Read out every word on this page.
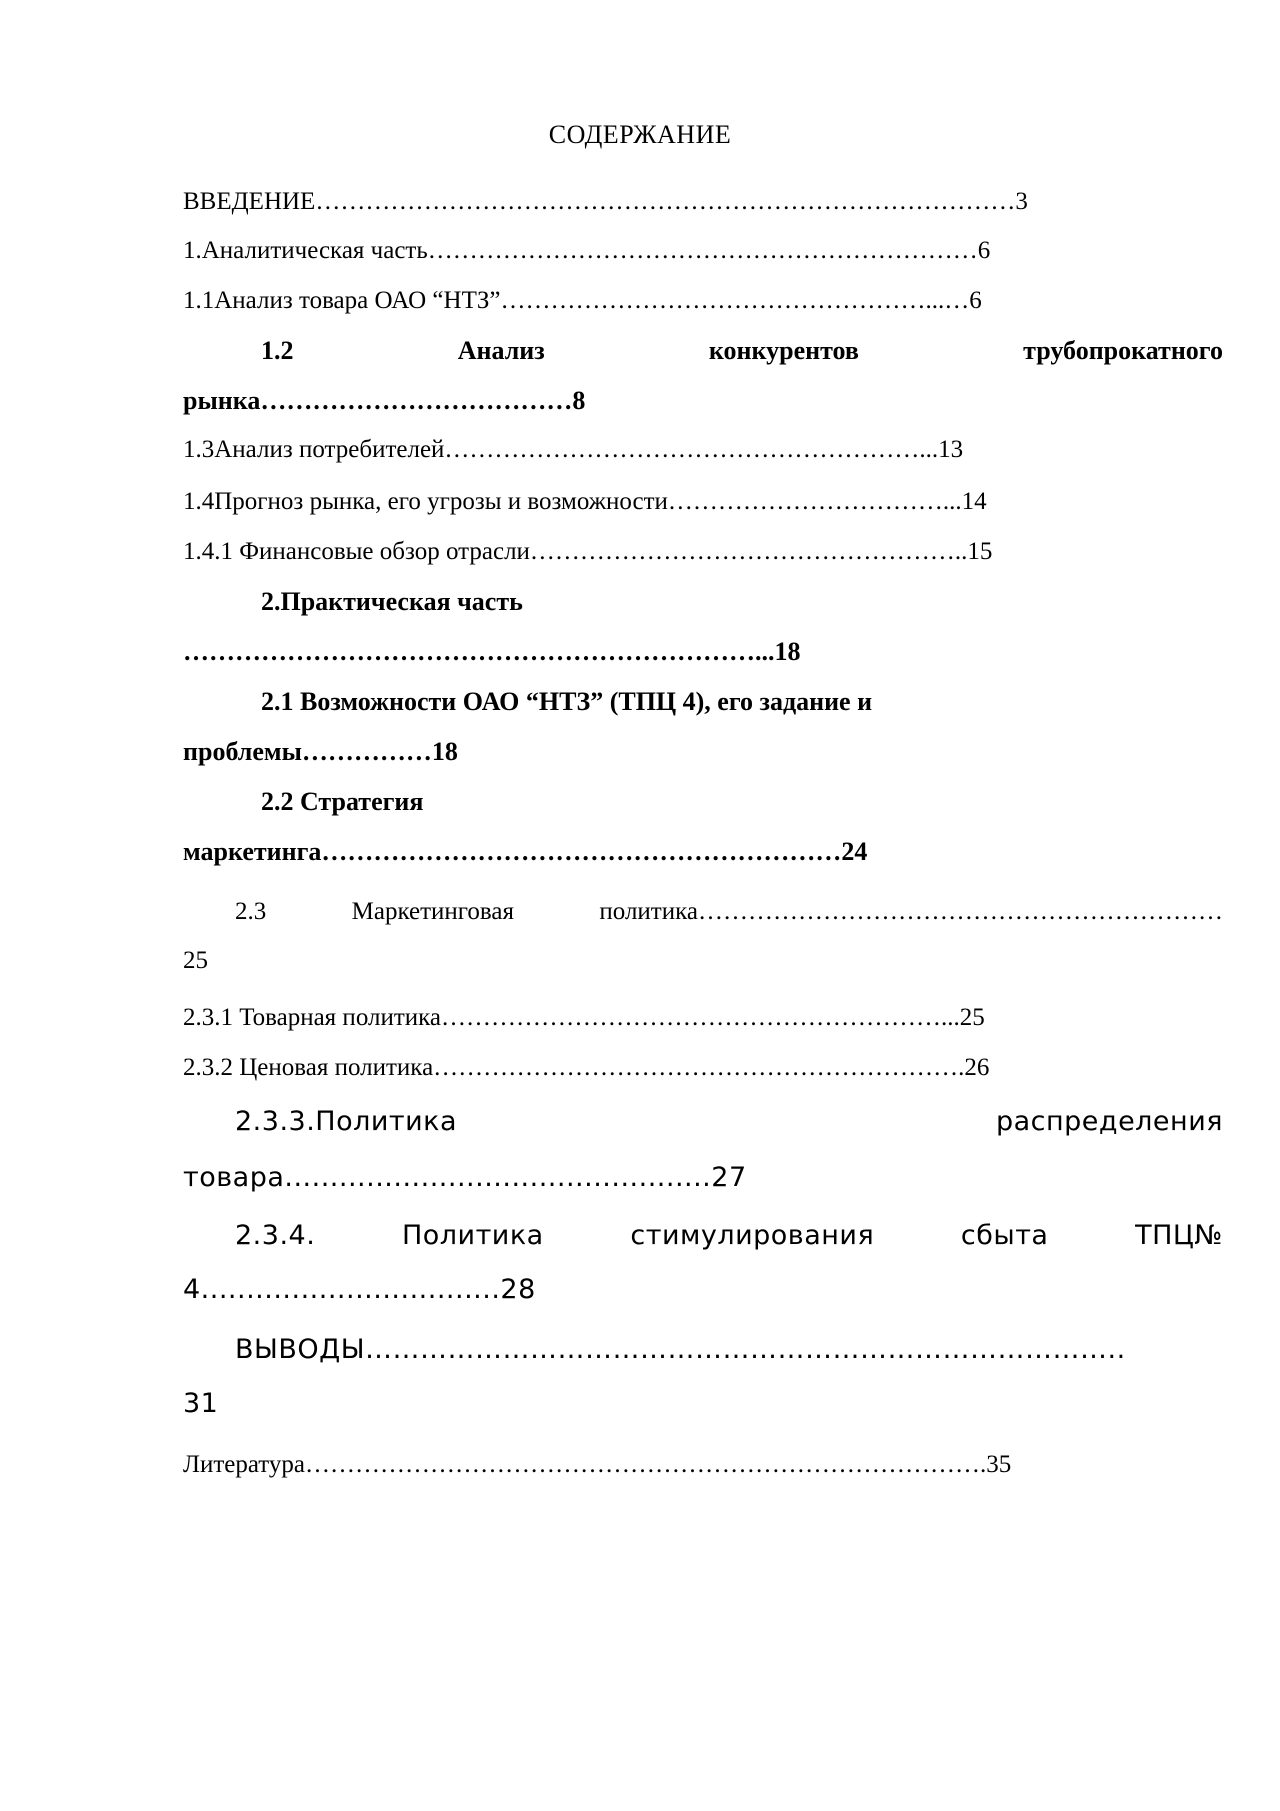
СОДЕРЖАНИЕ
ВВЕДЕНИЕ…………………………………………………………………………3
1.Аналитическая часть…………………………………………………………6
1.1Анализ товара ОАО “НТЗ”……………………………………………...…6
1.2	Анализ	конкурентов	трубопрокатного
рынка………………………………8
1.3Анализ потребителей…………………………………………………...13
1.4Прогноз рынка, его угрозы и возможности……………………………...14
1.4.1 Финансовые обзор отрасли……………………………………………..15
2.Практическая часть
…………………………………………………………...18
2.1 Возможности ОАО “НТЗ” (ТПЦ 4), его задание и
проблемы……………18
2.2 Стратегия
маркетинга……………………………………………………24
2.3	Маркетинговая	политика………………………………………………………
25
2.3.1 Товарная политика……………………………………………………...25
2.3.2 Ценовая политика……………………………………………………….26
2.3.3.Политика	распределения
товара...............................................27
2.3.4.	Политика	стимулирования	сбыта	ТПЦ№
4.................................28
ВЫВОДЫ………………………………………………………………………..
31
Литература……………………………………………………………………….35
